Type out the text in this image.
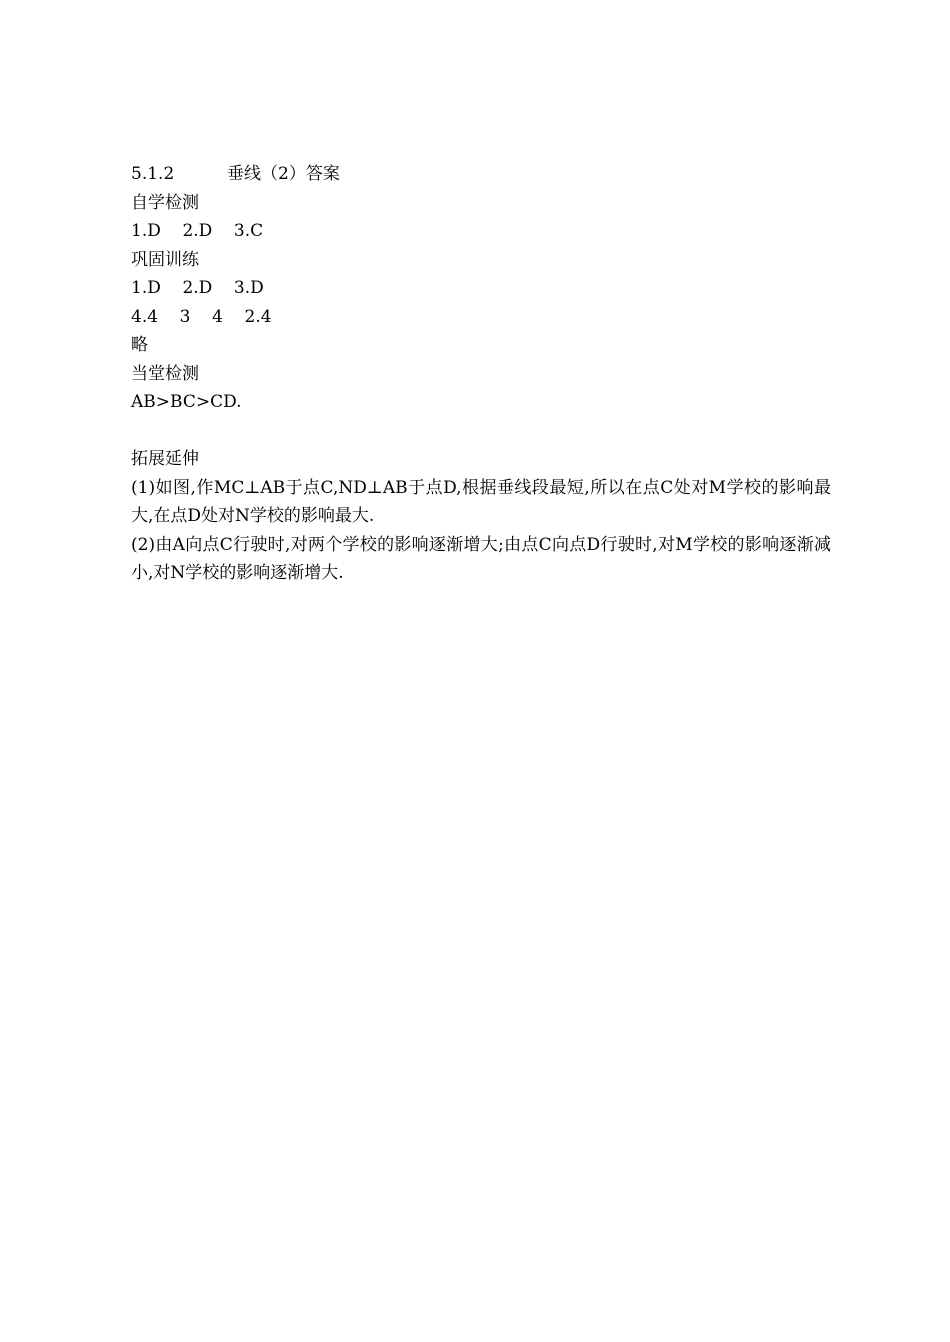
5.1.2	垂线（2）答案
自学检测
1.D    2.D    3.C
巩固训练
1.D    2.D    3.D
4.4    3    4    2.4
略
当堂检测
AB>BC>CD.
拓展延伸
(1)如图,作MC⊥AB于点C,ND⊥AB于点D,根据垂线段最短,所以在点C处对M学校的影响最大,在点D处对N学校的影响最大.
(2)由A向点C行驶时,对两个学校的影响逐渐增大;由点C向点D行驶时,对M学校的影响逐渐减小,对N学校的影响逐渐增大.
